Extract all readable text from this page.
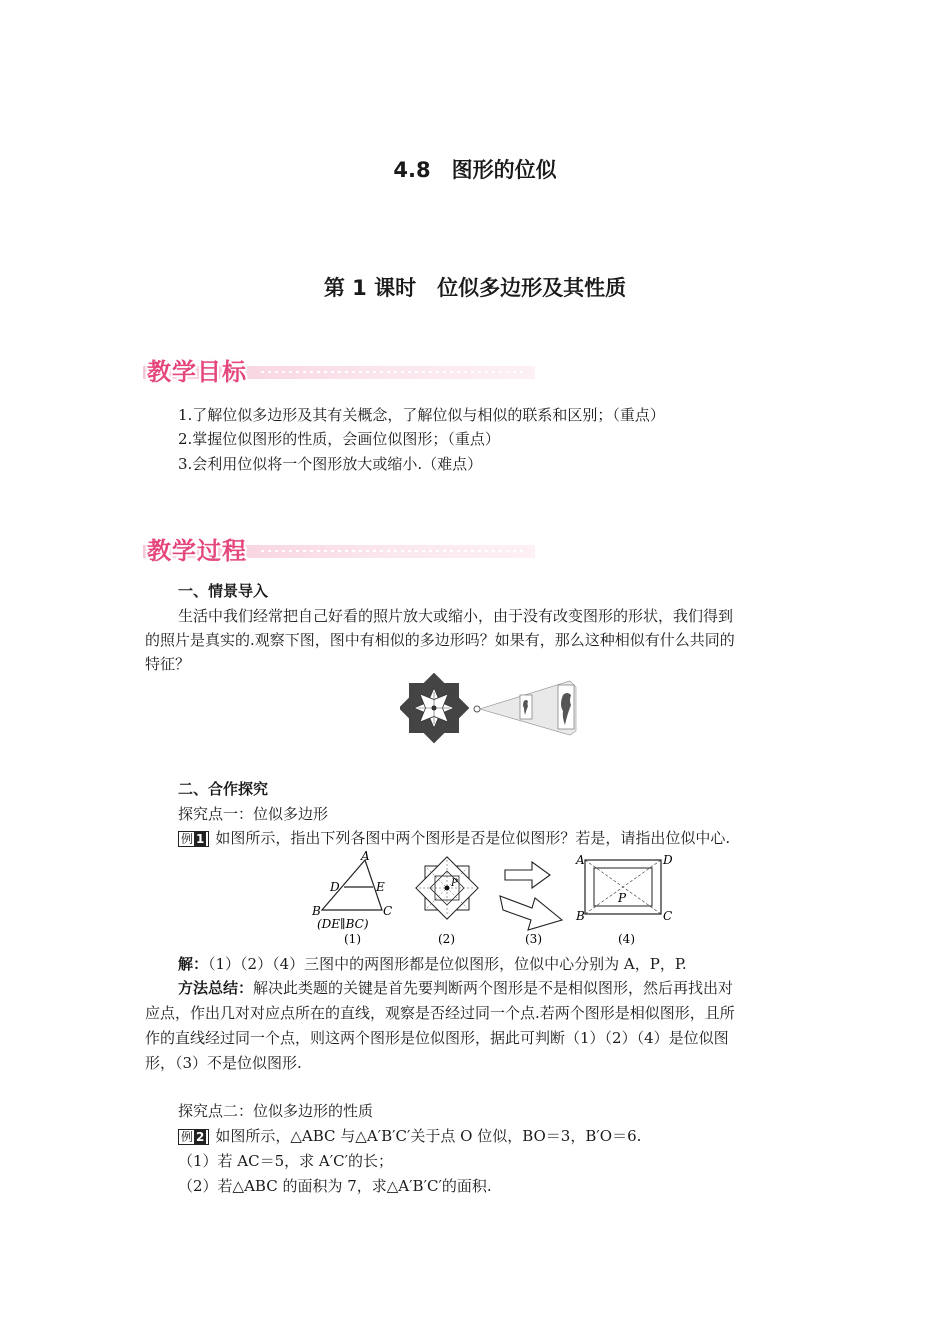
4.8　图形的位似
第 1 课时　位似多边形及其性质
教学目标
1.了解位似多边形及其有关概念，了解位似与相似的联系和区别；（重点）
2.掌握位似图形的性质，会画位似图形；（重点）
3.会利用位似将一个图形放大或缩小.（难点）
教学过程
一、情景导入
生活中我们经常把自己好看的照片放大或缩小，由于没有改变图形的形状，我们得到
的照片是真实的.观察下图，图中有相似的多边形吗？如果有，那么这种相似有什么共同的
特征？
二、合作探究
探究点一：位似多边形
例 1 如图所示，指出下列各图中两个图形是否是位似图形？若是，请指出位似中心.
A
D	E
B	C
(DE∥BC)
(1)
P
(2)	(3)
A	D
B	C
P
(4)
解：（1）（2）（4）三图中的两图形都是位似图形，位似中心分别为 A，P，P.
方法总结：解决此类题的关键是首先要判断两个图形是不是相似图形，然后再找出对
应点，作出几对对应点所在的直线，观察是否经过同一个点.若两个图形是相似图形，且所
作的直线经过同一个点，则这两个图形是位似图形，据此可判断（1）（2）（4）是位似图
形，（3）不是位似图形.
探究点二：位似多边形的性质
例 2 如图所示，△ABC 与△A′B′C′关于点 O 位似，BO＝3，B′O＝6.
（1）若 AC＝5，求 A′C′的长；
（2）若△ABC 的面积为 7，求△A′B′C′的面积.
